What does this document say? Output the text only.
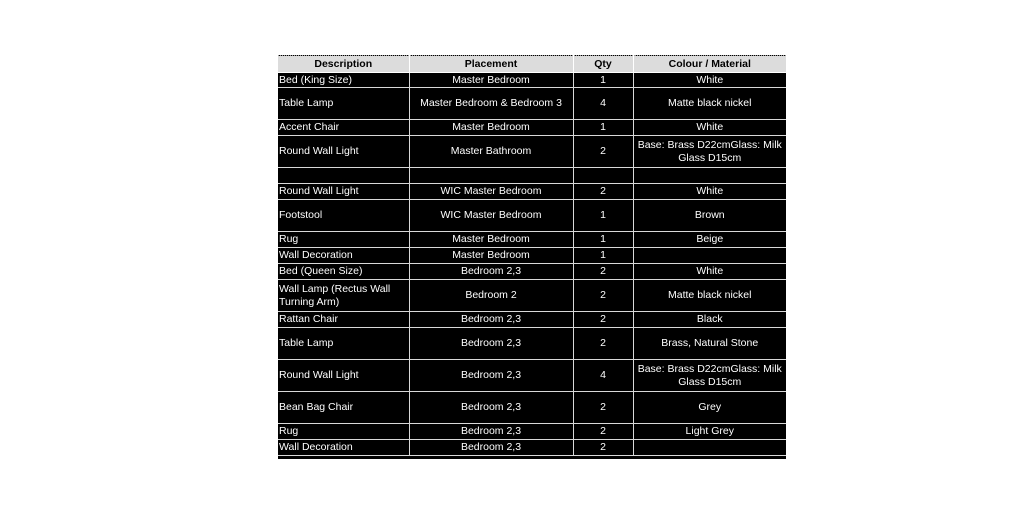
Description	Placement	Qty	Colour / Material
Bed (King Size)	Master Bedroom	1	White
Table Lamp	Master Bedroom & Bedroom 3	4	Matte black nickel
Accent Chair	Master Bedroom	1	White
Round Wall Light	Master Bathroom	2	Base: Brass D22cmGlass: Milk Glass D15cm

Round Wall Light	WIC Master Bedroom	2	White
Footstool	WIC Master Bedroom	1	Brown
Rug	Master Bedroom	1	Beige
Wall Decoration	Master Bedroom	1	
Bed (Queen Size)	Bedroom 2,3	2	White
Wall Lamp (Rectus Wall Turning Arm)	Bedroom 2	2	Matte black nickel
Rattan Chair	Bedroom 2,3	2	Black
Table Lamp	Bedroom 2,3	2	Brass, Natural Stone
Round Wall Light	Bedroom 2,3	4	Base: Brass D22cmGlass: Milk Glass D15cm
Bean Bag Chair	Bedroom 2,3	2	Grey
Rug	Bedroom 2,3	2	Light Grey
Wall Decoration	Bedroom 2,3	2	
